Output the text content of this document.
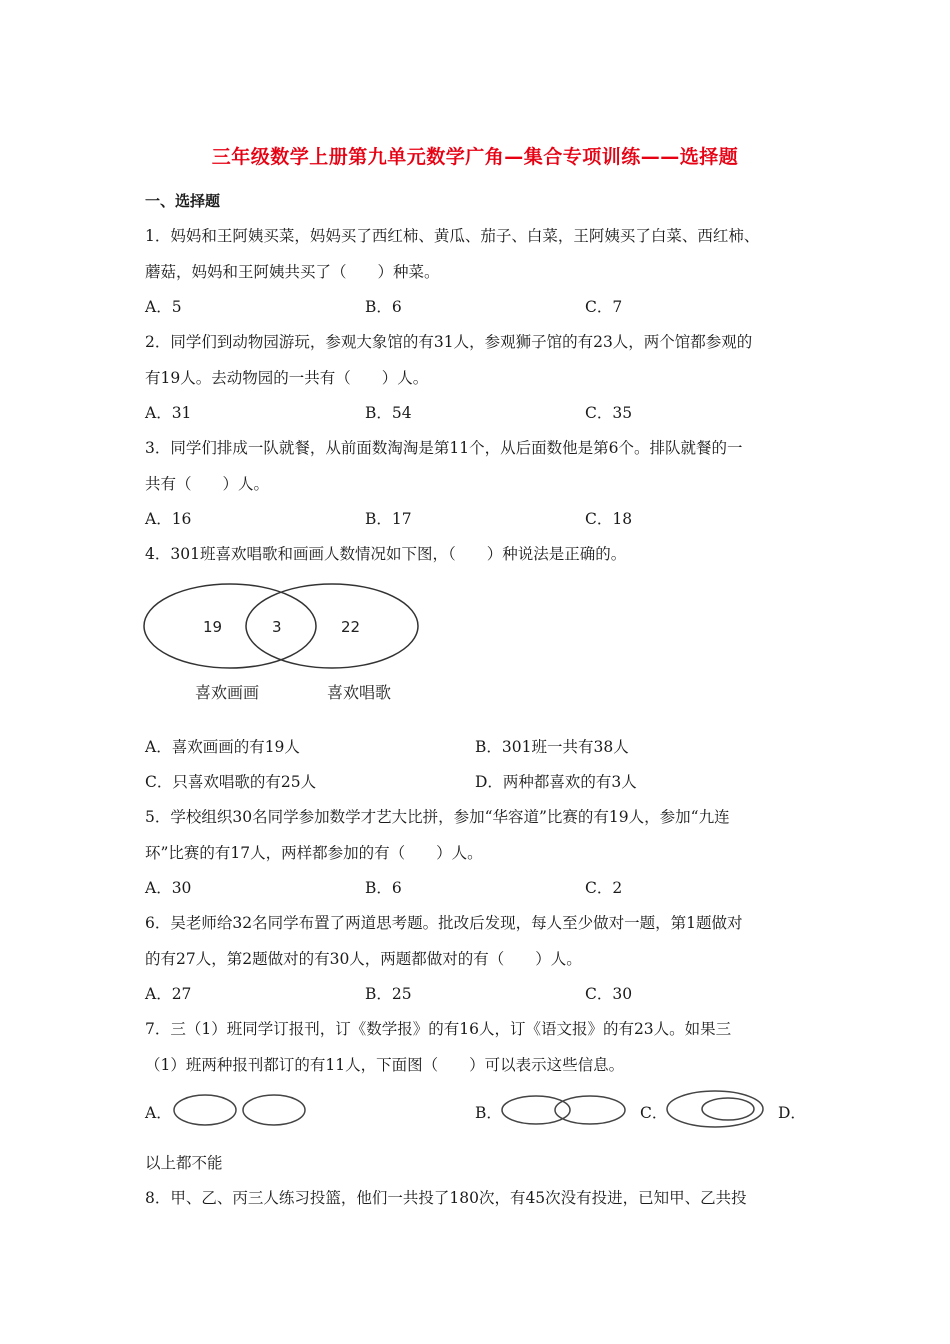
三年级数学上册第九单元数学广角—集合专项训练——选择题
一、选择题
1．妈妈和王阿姨买菜，妈妈买了西红柿、黄瓜、茄子、白菜，王阿姨买了白菜、西红柿、
蘑菇，妈妈和王阿姨共买了（　　）种菜。
A．5	B．6	C．7
2．同学们到动物园游玩，参观大象馆的有31人，参观狮子馆的有23人，两个馆都参观的
有19人。去动物园的一共有（　　）人。
A．31	B．54	C．35
3．同学们排成一队就餐，从前面数淘淘是第11个，从后面数他是第6个。排队就餐的一
共有（　　）人。
A．16	B．17	C．18
4．301班喜欢唱歌和画画人数情况如下图，（　　）种说法是正确的。
19	3	22
喜欢画画	喜欢唱歌
A．喜欢画画的有19人	B．301班一共有38人
C．只喜欢唱歌的有25人	D．两种都喜欢的有3人
5．学校组织30名同学参加数学才艺大比拼，参加“华容道”比赛的有19人，参加“九连
环”比赛的有17人，两样都参加的有（　　）人。
A．30	B．6	C．2
6．吴老师给32名同学布置了两道思考题。批改后发现，每人至少做对一题，第1题做对
的有27人，第2题做对的有30人，两题都做对的有（　　）人。
A．27	B．25	C．30
7．三（1）班同学订报刊，订《数学报》的有16人，订《语文报》的有23人。如果三
（1）班两种报刊都订的有11人，下面图（　　）可以表示这些信息。
A．	B．	C．	D．
以上都不能
8．甲、乙、丙三人练习投篮，他们一共投了180次，有45次没有投进，已知甲、乙共投
